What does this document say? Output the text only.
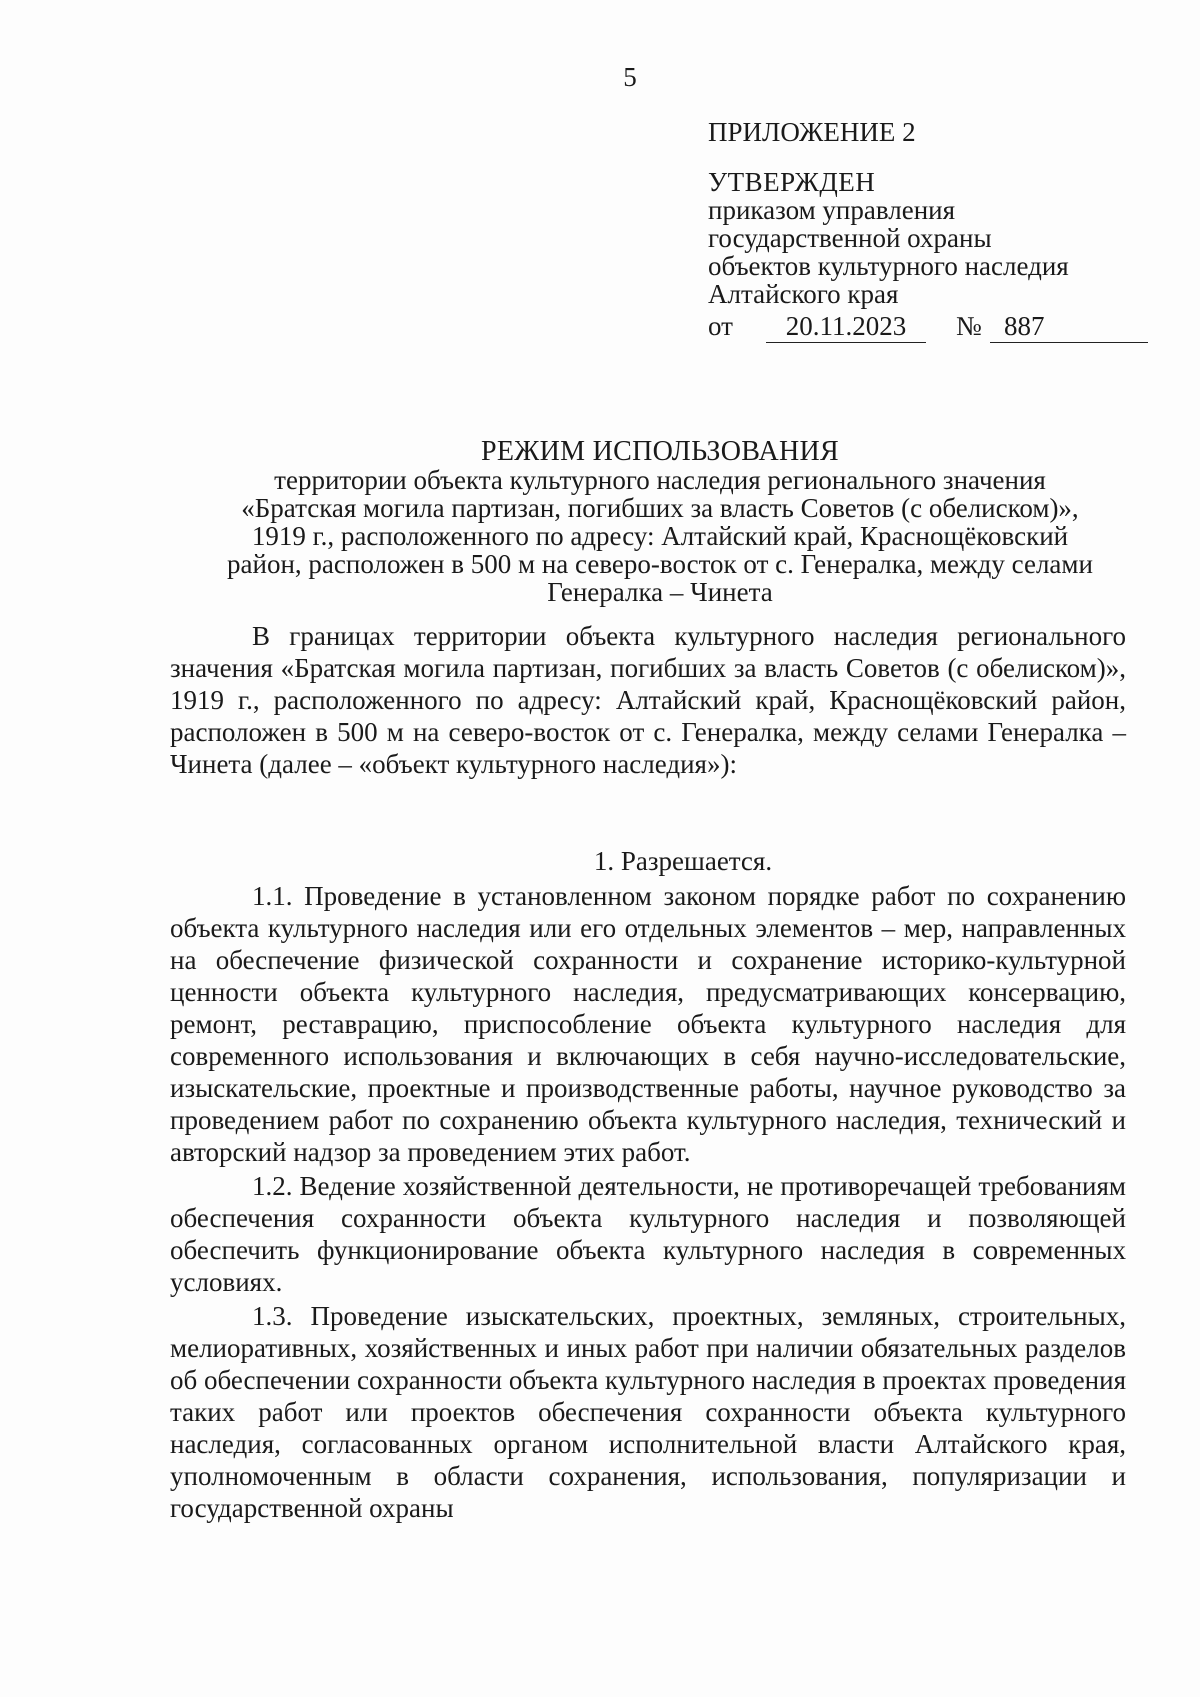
5
ПРИЛОЖЕНИЕ 2
УТВЕРЖДЕН
приказом управления
государственной охраны
объектов культурного наследия
Алтайского края
от	20.11.2023	№ 887
РЕЖИМ ИСПОЛЬЗОВАНИЯ
территории объекта культурного наследия регионального значения
«Братская могила партизан, погибших за власть Советов (с обелиском)»,
1919 г., расположенного по адресу: Алтайский край, Краснощёковский
район, расположен в 500 м на северо-восток от с. Генералка, между селами
Генералка – Чинета

В границах территории объекта культурного наследия регионального значения «Братская могила партизан, погибших за власть Советов (с обелиском)», 1919 г., расположенного по адресу: Алтайский край, Краснощёковский район, расположен в 500 м на северо-восток от с. Генералка, между селами Генералка – Чинета (далее – «объект культурного наследия»):

1. Разрешается.

1.1. Проведение в установленном законом порядке работ по сохранению объекта культурного наследия или его отдельных элементов – мер, направленных на обеспечение физической сохранности и сохранение историко-культурной ценности объекта культурного наследия, предусматривающих консервацию, ремонт, реставрацию, приспособление объекта культурного наследия для современного использования и включающих в себя научно-исследовательские, изыскательские, проектные и производственные работы, научное руководство за проведением работ по сохранению объекта культурного наследия, технический и авторский надзор за проведением этих работ.

1.2. Ведение хозяйственной деятельности, не противоречащей требованиям обеспечения сохранности объекта культурного наследия и позволяющей обеспечить функционирование объекта культурного наследия в современных условиях.

1.3. Проведение изыскательских, проектных, земляных, строительных, мелиоративных, хозяйственных и иных работ при наличии обязательных разделов об обеспечении сохранности объекта культурного наследия в проектах проведения таких работ или проектов обеспечения сохранности объекта культурного наследия, согласованных органом исполнительной власти Алтайского края, уполномоченным в области сохранения, использования, популяризации и государственной охраны
